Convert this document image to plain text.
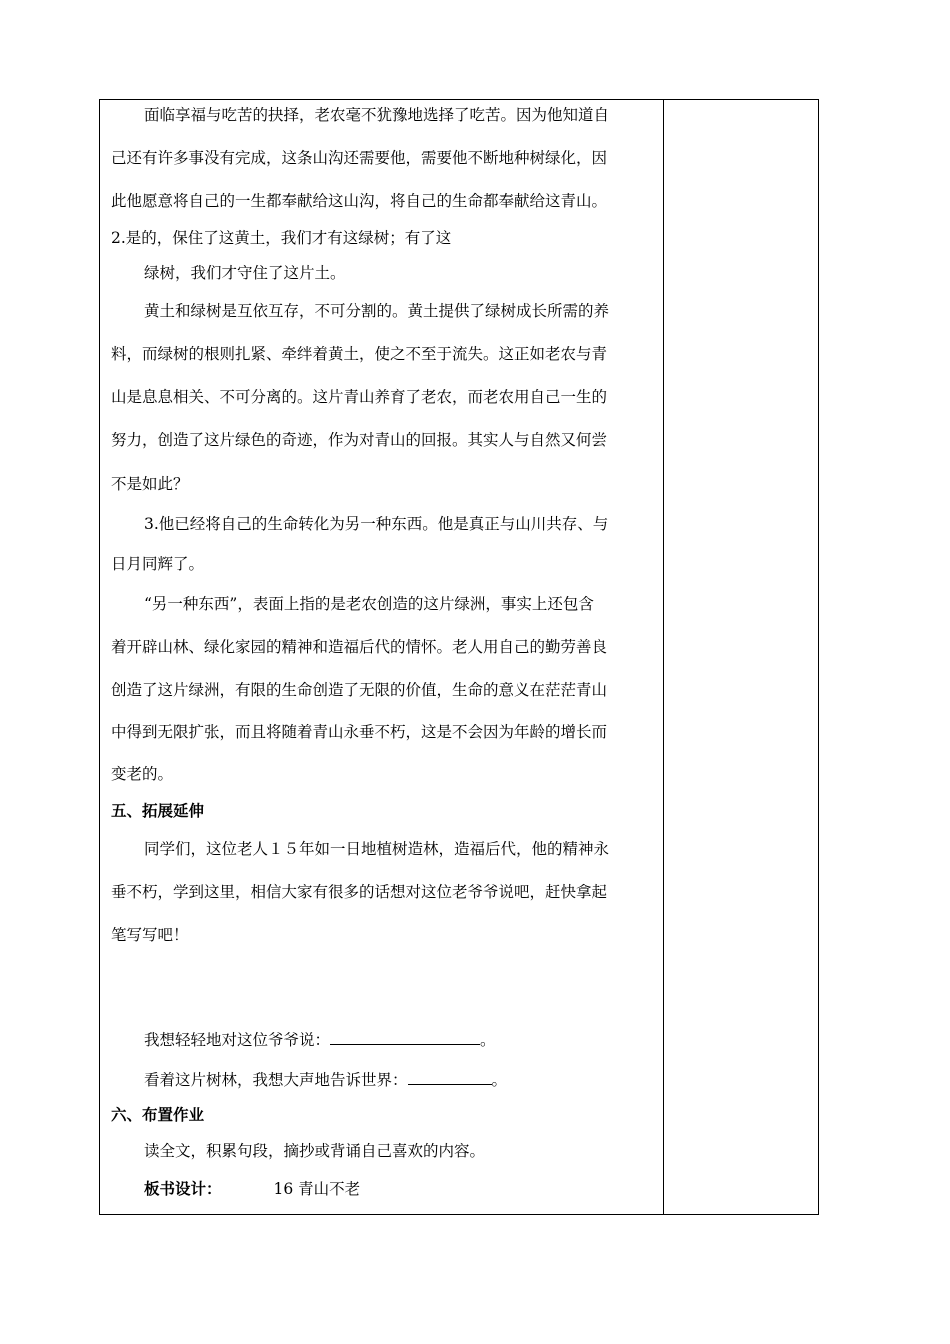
面临享福与吃苦的抉择，老农毫不犹豫地选择了吃苦。因为他知道自
己还有许多事没有完成，这条山沟还需要他，需要他不断地种树绿化，因
此他愿意将自己的一生都奉献给这山沟，将自己的生命都奉献给这青山。
2.是的，保住了这黄土，我们才有这绿树；有了这
绿树，我们才守住了这片土。
黄土和绿树是互依互存，不可分割的。黄土提供了绿树成长所需的养
料，而绿树的根则扎紧、牵绊着黄土，使之不至于流失。这正如老农与青
山是息息相关、不可分离的。这片青山养育了老农，而老农用自己一生的
努力，创造了这片绿色的奇迹，作为对青山的回报。其实人与自然又何尝
不是如此？
3.他已经将自己的生命转化为另一种东西。他是真正与山川共存、与
日月同辉了。
“另一种东西”，表面上指的是老农创造的这片绿洲，事实上还包含
着开辟山林、绿化家园的精神和造福后代的情怀。老人用自己的勤劳善良
创造了这片绿洲，有限的生命创造了无限的价值，生命的意义在茫茫青山
中得到无限扩张，而且将随着青山永垂不朽，这是不会因为年龄的增长而
变老的。
五、拓展延伸
同学们，这位老人１５年如一日地植树造林，造福后代，他的精神永
垂不朽，学到这里，相信大家有很多的话想对这位老爷爷说吧，赶快拿起
笔写写吧！
我想轻轻地对这位爷爷说：	。
看着这片树林，我想大声地告诉世界：	。
六、布置作业
读全文，积累句段，摘抄或背诵自己喜欢的内容。
板书设计：	16 青山不老
